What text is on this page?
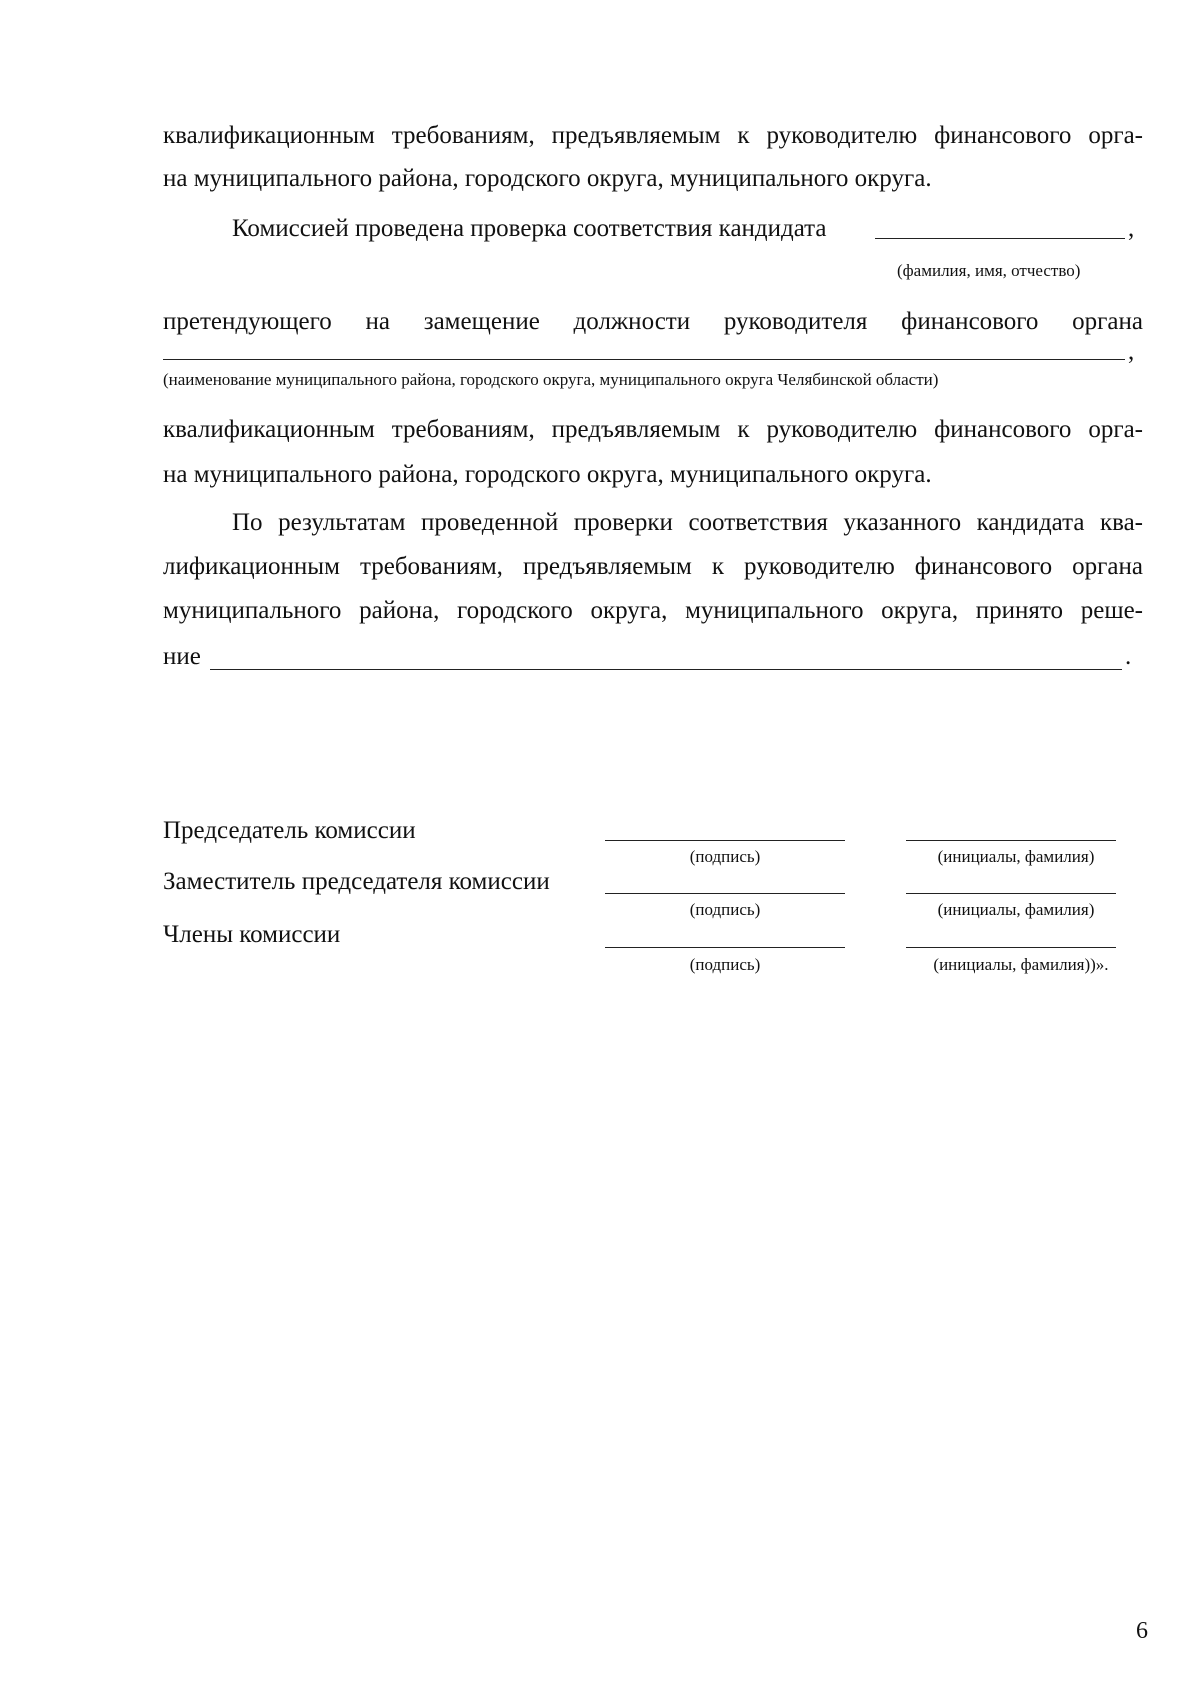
квалификационным требованиям, предъявляемым к руководителю финансового орга-
на муниципального района, городского округа, муниципального округа.
Комиссией проведена проверка соответствия кандидата	,
(фамилия, имя, отчество)
претендующего на замещение должности руководителя финансового органа
,
(наименование муниципального района, городского округа, муниципального округа Челябинской области)
квалификационным требованиям, предъявляемым к руководителю финансового орга-
на муниципального района, городского округа, муниципального округа.
По результатам проведенной проверки соответствия указанного кандидата ква-
лификационным требованиям, предъявляемым к руководителю финансового органа
муниципального района, городского округа, муниципального округа, принято реше-
ние	.
Председатель комиссии
(подпись)	(инициалы, фамилия)
Заместитель председателя комиссии
(подпись)	(инициалы, фамилия)
Члены комиссии
(подпись)	(инициалы, фамилия))».
6
